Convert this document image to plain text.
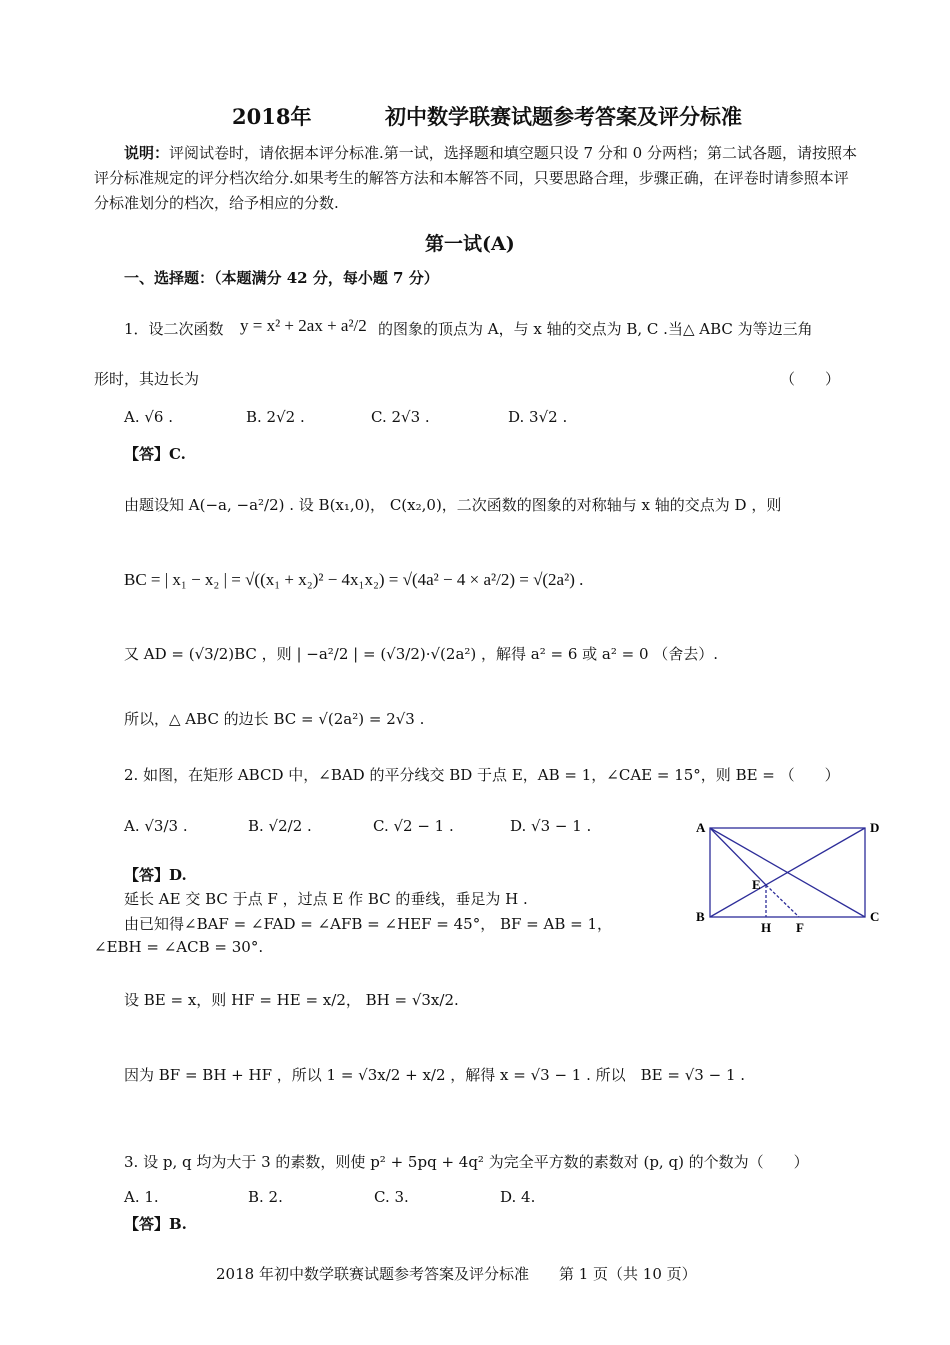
2018年	初中数学联赛试题参考答案及评分标准
说明：评阅试卷时，请依据本评分标准.第一试，选择题和填空题只设 7 分和 0 分两档；第二试各题，请按照本评分标准规定的评分档次给分.如果考生的解答方法和本解答不同，只要思路合理，步骤正确，在评卷时请参照本评分标准划分的档次，给予相应的分数.
第一试(A)
一、选择题：（本题满分 42 分，每小题 7 分）
1．设二次函数 y = x² + 2ax + a²/2 的图象的顶点为 A，与 x 轴的交点为 B, C .当△ ABC 为等边三角
形时，其边长为	（　　）
A. √6 .	B. 2√2 .	C. 2√3 .	D. 3√2 .
【答】C.
由题设知 A(−a, −a²/2) . 设 B(x₁,0)， C(x₂,0)，二次函数的图象的对称轴与 x 轴的交点为 D ，则
BC = | x₁ − x₂ | = √((x₁ + x₂)² − 4x₁x₂) = √(4a² − 4 × a²/2) = √(2a²) .
又 AD = (√3/2)BC ，则 | −a²/2 | = (√3/2)·√(2a²) ，解得 a² = 6 或 a² = 0 （舍去）.
所以，△ ABC 的边长 BC = √(2a²) = 2√3 .
2. 如图，在矩形 ABCD 中，∠BAD 的平分线交 BD 于点 E，AB = 1，∠CAE = 15°，则 BE = （　　）
A. √3/3 .	B. √2/2 .	C. √2 − 1 .	D. √3 − 1 .
【答】D.
延长 AE 交 BC 于点 F ，过点 E 作 BC 的垂线，垂足为 H .
由已知得∠BAF = ∠FAD = ∠AFB = ∠HEF = 45°， BF = AB = 1，
∠EBH = ∠ACB = 30°.
设 BE = x，则 HF = HE = x/2， BH = √3x/2.
因为 BF = BH + HF ，所以 1 = √3x/2 + x/2 ，解得 x = √3 − 1 . 所以　BE = √3 − 1 .
A	D
E
B	C
H F
3. 设 p, q 均为大于 3 的素数，则使 p² + 5pq + 4q² 为完全平方数的素数对 (p, q) 的个数为（　　）
A. 1.	B. 2.	C. 3.	D. 4.
【答】B.
2018 年初中数学联赛试题参考答案及评分标准　　第 1 页（共 10 页）
